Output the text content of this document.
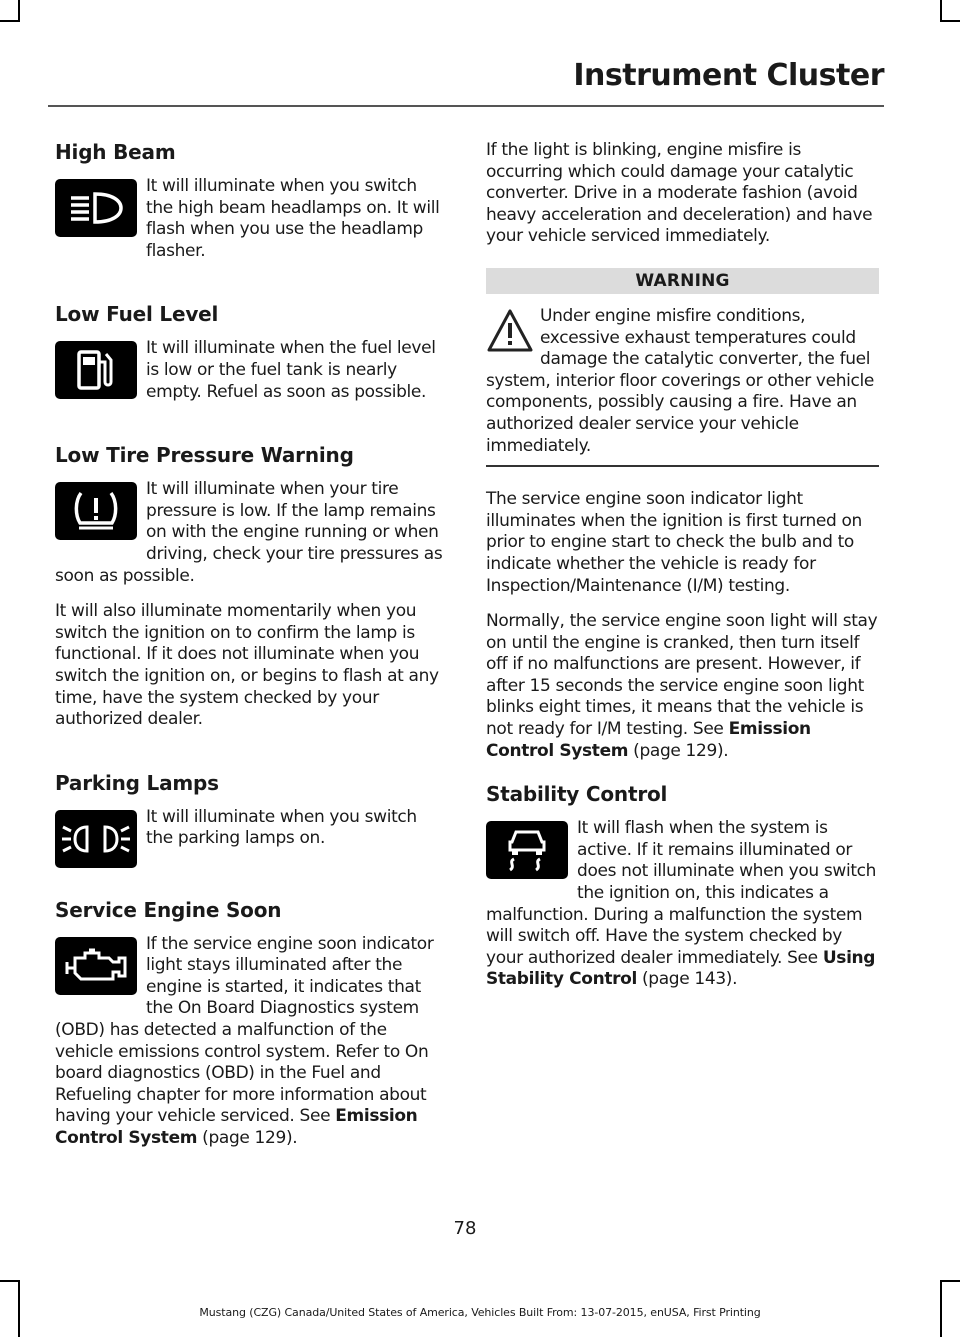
Instrument Cluster
High Beam

It will illuminate when you switch the high beam headlamps on. It will flash when you use the headlamp flasher.

Low Fuel Level

It will illuminate when the fuel level is low or the fuel tank is nearly empty. Refuel as soon as possible.

Low Tire Pressure Warning

It will illuminate when your tire pressure is low. If the lamp remains on with the engine running or when driving, check your tire pressures as soon as possible.

It will also illuminate momentarily when you switch the ignition on to confirm the lamp is functional. If it does not illuminate when you switch the ignition on, or begins to flash at any time, have the system checked by your authorized dealer.

Parking Lamps

It will illuminate when you switch the parking lamps on.

Service Engine Soon

If the service engine soon indicator light stays illuminated after the engine is started, it indicates that the On Board Diagnostics system (OBD) has detected a malfunction of the vehicle emissions control system. Refer to On board diagnostics (OBD) in the Fuel and Refueling chapter for more information about having your vehicle serviced. See Emission Control System (page 129).

If the light is blinking, engine misfire is occurring which could damage your catalytic converter. Drive in a moderate fashion (avoid heavy acceleration and deceleration) and have your vehicle serviced immediately.

WARNING

Under engine misfire conditions, excessive exhaust temperatures could damage the catalytic converter, the fuel system, interior floor coverings or other vehicle components, possibly causing a fire. Have an authorized dealer service your vehicle immediately.

The service engine soon indicator light illuminates when the ignition is first turned on prior to engine start to check the bulb and to indicate whether the vehicle is ready for Inspection/Maintenance (I/M) testing.

Normally, the service engine soon light will stay on until the engine is cranked, then turn itself off if no malfunctions are present. However, if after 15 seconds the service engine soon light blinks eight times, it means that the vehicle is not ready for I/M testing. See Emission Control System (page 129).

Stability Control

It will flash when the system is active. If it remains illuminated or does not illuminate when you switch the ignition on, this indicates a malfunction. During a malfunction the system will switch off. Have the system checked by your authorized dealer immediately. See Using Stability Control (page 143).

78
Mustang (CZG) Canada/United States of America, Vehicles Built From: 13-07-2015, enUSA, First Printing
